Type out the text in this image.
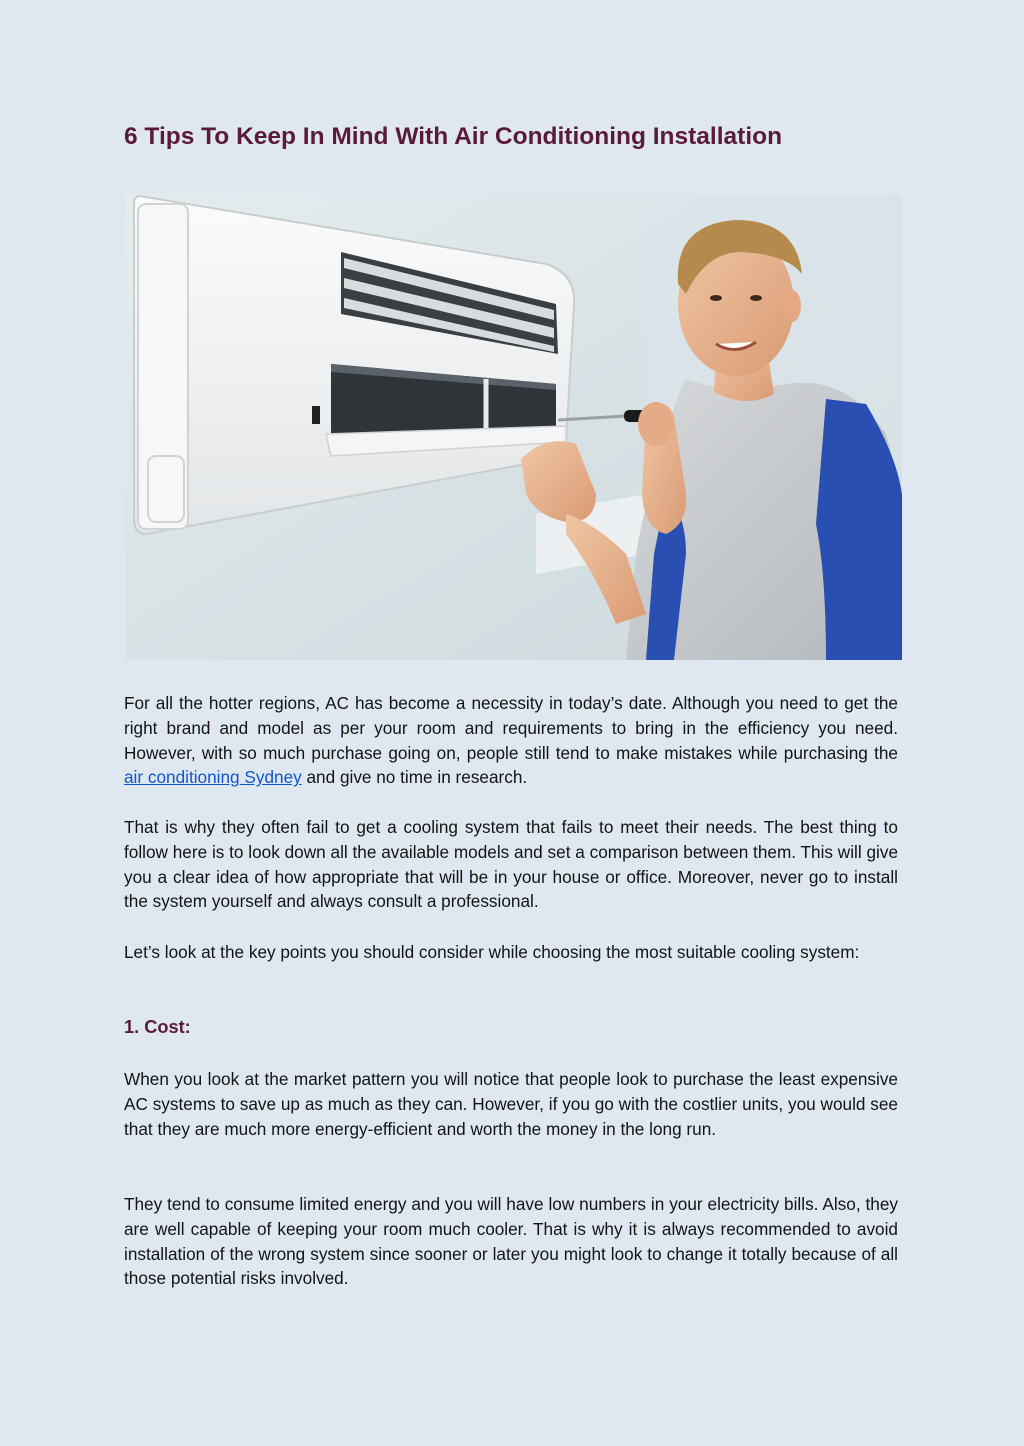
6 Tips To Keep In Mind With Air Conditioning Installation

For all the hotter regions, AC has become a necessity in today’s date. Although you need to get the right brand and model as per your room and requirements to bring in the efficiency you need. However, with so much purchase going on, people still tend to make mistakes while purchasing the air conditioning Sydney and give no time in research.

That is why they often fail to get a cooling system that fails to meet their needs. The best thing to follow here is to look down all the available models and set a comparison between them. This will give you a clear idea of how appropriate that will be in your house or office. Moreover, never go to install the system yourself and always consult a professional.

Let’s look at the key points you should consider while choosing the most suitable cooling system:

1. Cost:

When you look at the market pattern you will notice that people look to purchase the least expensive AC systems to save up as much as they can. However, if you go with the costlier units, you would see that they are much more energy-efficient and worth the money in the long run.

They tend to consume limited energy and you will have low numbers in your electricity bills. Also, they are well capable of keeping your room much cooler. That is why it is always recommended to avoid installation of the wrong system since sooner or later you might look to change it totally because of all those potential risks involved.
